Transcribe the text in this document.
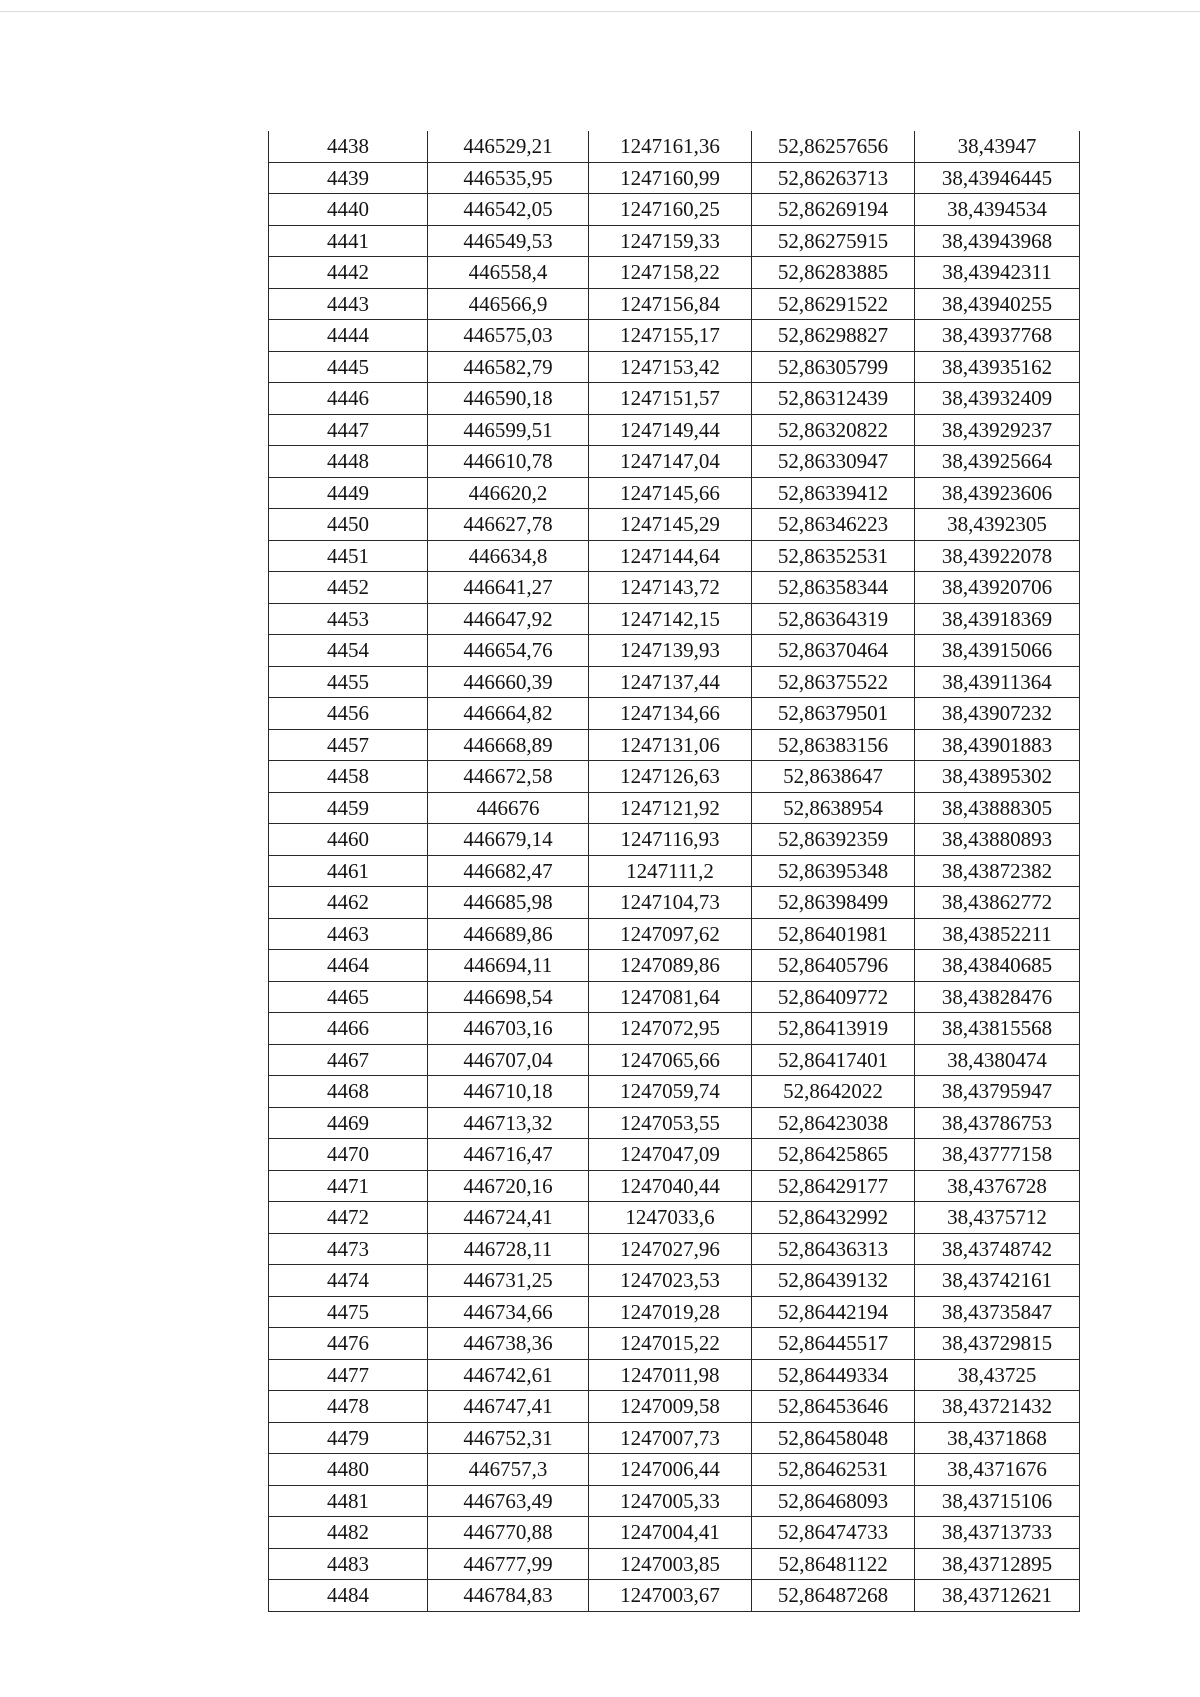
4438	446529,21	1247161,36	52,86257656	38,43947
4439	446535,95	1247160,99	52,86263713	38,43946445
4440	446542,05	1247160,25	52,86269194	38,4394534
4441	446549,53	1247159,33	52,86275915	38,43943968
4442	446558,4	1247158,22	52,86283885	38,43942311
4443	446566,9	1247156,84	52,86291522	38,43940255
4444	446575,03	1247155,17	52,86298827	38,43937768
4445	446582,79	1247153,42	52,86305799	38,43935162
4446	446590,18	1247151,57	52,86312439	38,43932409
4447	446599,51	1247149,44	52,86320822	38,43929237
4448	446610,78	1247147,04	52,86330947	38,43925664
4449	446620,2	1247145,66	52,86339412	38,43923606
4450	446627,78	1247145,29	52,86346223	38,4392305
4451	446634,8	1247144,64	52,86352531	38,43922078
4452	446641,27	1247143,72	52,86358344	38,43920706
4453	446647,92	1247142,15	52,86364319	38,43918369
4454	446654,76	1247139,93	52,86370464	38,43915066
4455	446660,39	1247137,44	52,86375522	38,43911364
4456	446664,82	1247134,66	52,86379501	38,43907232
4457	446668,89	1247131,06	52,86383156	38,43901883
4458	446672,58	1247126,63	52,8638647	38,43895302
4459	446676	1247121,92	52,8638954	38,43888305
4460	446679,14	1247116,93	52,86392359	38,43880893
4461	446682,47	1247111,2	52,86395348	38,43872382
4462	446685,98	1247104,73	52,86398499	38,43862772
4463	446689,86	1247097,62	52,86401981	38,43852211
4464	446694,11	1247089,86	52,86405796	38,43840685
4465	446698,54	1247081,64	52,86409772	38,43828476
4466	446703,16	1247072,95	52,86413919	38,43815568
4467	446707,04	1247065,66	52,86417401	38,4380474
4468	446710,18	1247059,74	52,8642022	38,43795947
4469	446713,32	1247053,55	52,86423038	38,43786753
4470	446716,47	1247047,09	52,86425865	38,43777158
4471	446720,16	1247040,44	52,86429177	38,4376728
4472	446724,41	1247033,6	52,86432992	38,4375712
4473	446728,11	1247027,96	52,86436313	38,43748742
4474	446731,25	1247023,53	52,86439132	38,43742161
4475	446734,66	1247019,28	52,86442194	38,43735847
4476	446738,36	1247015,22	52,86445517	38,43729815
4477	446742,61	1247011,98	52,86449334	38,43725
4478	446747,41	1247009,58	52,86453646	38,43721432
4479	446752,31	1247007,73	52,86458048	38,4371868
4480	446757,3	1247006,44	52,86462531	38,4371676
4481	446763,49	1247005,33	52,86468093	38,43715106
4482	446770,88	1247004,41	52,86474733	38,43713733
4483	446777,99	1247003,85	52,86481122	38,43712895
4484	446784,83	1247003,67	52,86487268	38,43712621
